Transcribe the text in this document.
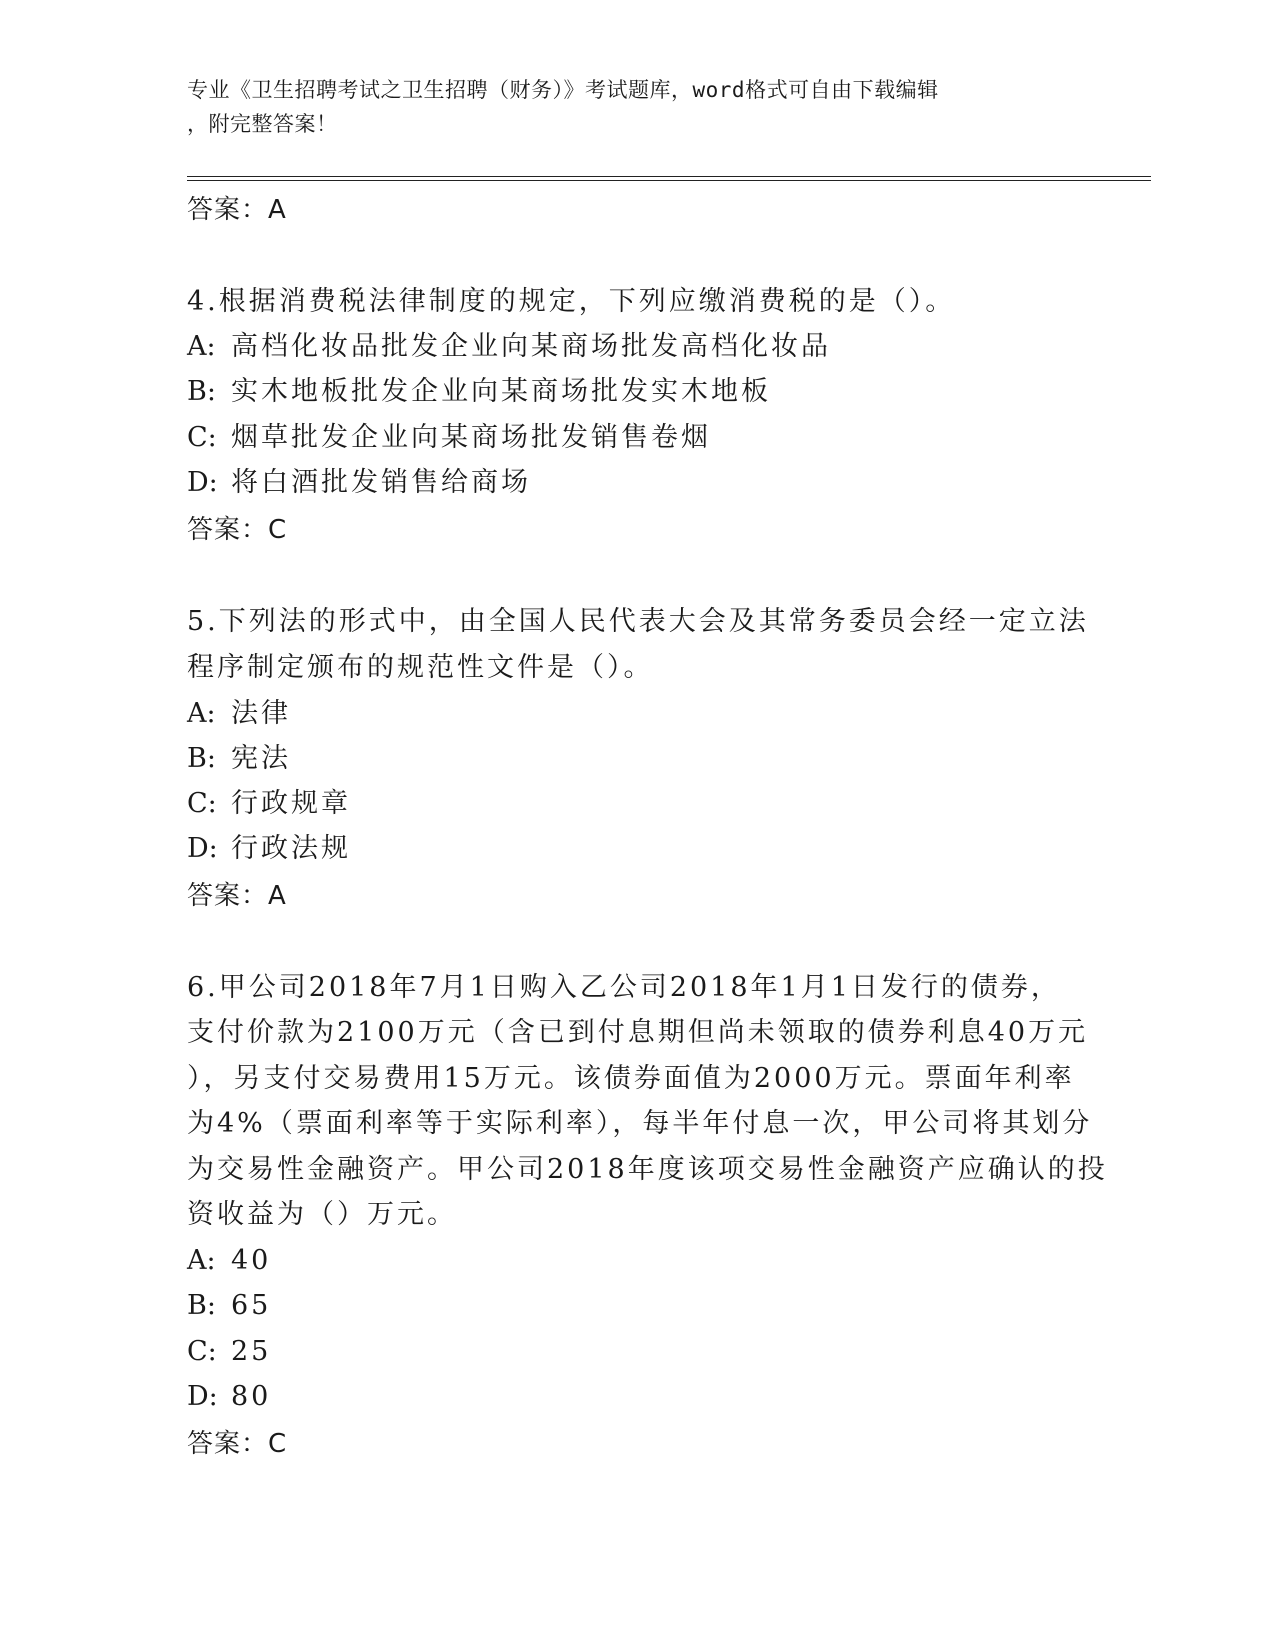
专业《卫生招聘考试之卫生招聘（财务）》考试题库，word格式可自由下载编辑
，附完整答案！
答案：A
4.根据消费税法律制度的规定，下列应缴消费税的是（）。
A: 高档化妆品批发企业向某商场批发高档化妆品
B: 实木地板批发企业向某商场批发实木地板
C: 烟草批发企业向某商场批发销售卷烟
D: 将白酒批发销售给商场
答案：C
5.下列法的形式中，由全国人民代表大会及其常务委员会经一定立法
程序制定颁布的规范性文件是（）。
A: 法律
B: 宪法
C: 行政规章
D: 行政法规
答案：A
6.甲公司2018年7月1日购入乙公司2018年1月1日发行的债券，
支付价款为2100万元（含已到付息期但尚未领取的债券利息40万元
），另支付交易费用15万元。该债券面值为2000万元。票面年利率
为4%（票面利率等于实际利率），每半年付息一次，甲公司将其划分
为交易性金融资产。甲公司2018年度该项交易性金融资产应确认的投
资收益为（）万元。
A: 40
B: 65
C: 25
D: 80
答案：C
